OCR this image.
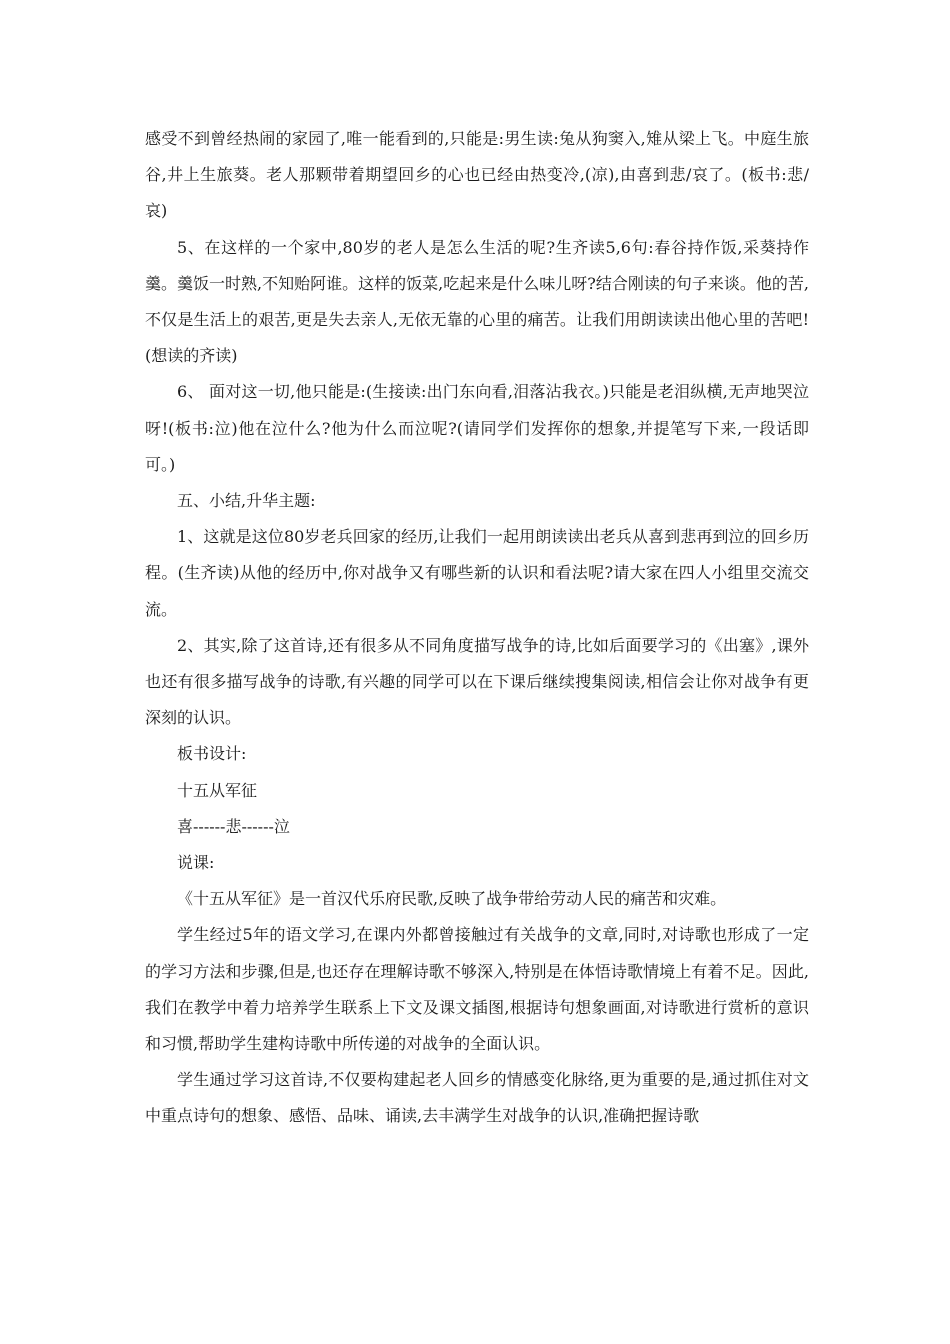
感受不到曾经热闹的家园了,唯一能看到的,只能是:男生读:兔从狗窦入,雉从梁上飞。中庭生旅谷,井上生旅葵。老人那颗带着期望回乡的心也已经由热变冷,(凉),由喜到悲/哀了。(板书:悲/哀)

5、在这样的一个家中,80岁的老人是怎么生活的呢?生齐读5,6句:春谷持作饭,采葵持作羹。羹饭一时熟,不知贻阿谁。这样的饭菜,吃起来是什么味儿呀?结合刚读的句子来谈。他的苦,不仅是生活上的艰苦,更是失去亲人,无依无靠的心里的痛苦。让我们用朗读读出他心里的苦吧!(想读的齐读)

6、 面对这一切,他只能是:(生接读:出门东向看,泪落沾我衣。)只能是老泪纵横,无声地哭泣呀!(板书:泣)他在泣什么?他为什么而泣呢?(请同学们发挥你的想象,并提笔写下来,一段话即可。)

五、小结,升华主题:

1、这就是这位80岁老兵回家的经历,让我们一起用朗读读出老兵从喜到悲再到泣的回乡历程。(生齐读)从他的经历中,你对战争又有哪些新的认识和看法呢?请大家在四人小组里交流交流。

2、其实,除了这首诗,还有很多从不同角度描写战争的诗,比如后面要学习的《出塞》,课外也还有很多描写战争的诗歌,有兴趣的同学可以在下课后继续搜集阅读,相信会让你对战争有更深刻的认识。

板书设计:

十五从军征

喜------悲------泣

说课:

《十五从军征》是一首汉代乐府民歌,反映了战争带给劳动人民的痛苦和灾难。

学生经过5年的语文学习,在课内外都曾接触过有关战争的文章,同时,对诗歌也形成了一定的学习方法和步骤,但是,也还存在理解诗歌不够深入,特别是在体悟诗歌情境上有着不足。因此,我们在教学中着力培养学生联系上下文及课文插图,根据诗句想象画面,对诗歌进行赏析的意识和习惯,帮助学生建构诗歌中所传递的对战争的全面认识。

学生通过学习这首诗,不仅要构建起老人回乡的情感变化脉络,更为重要的是,通过抓住对文中重点诗句的想象、感悟、品味、诵读,去丰满学生对战争的认识,准确把握诗歌
